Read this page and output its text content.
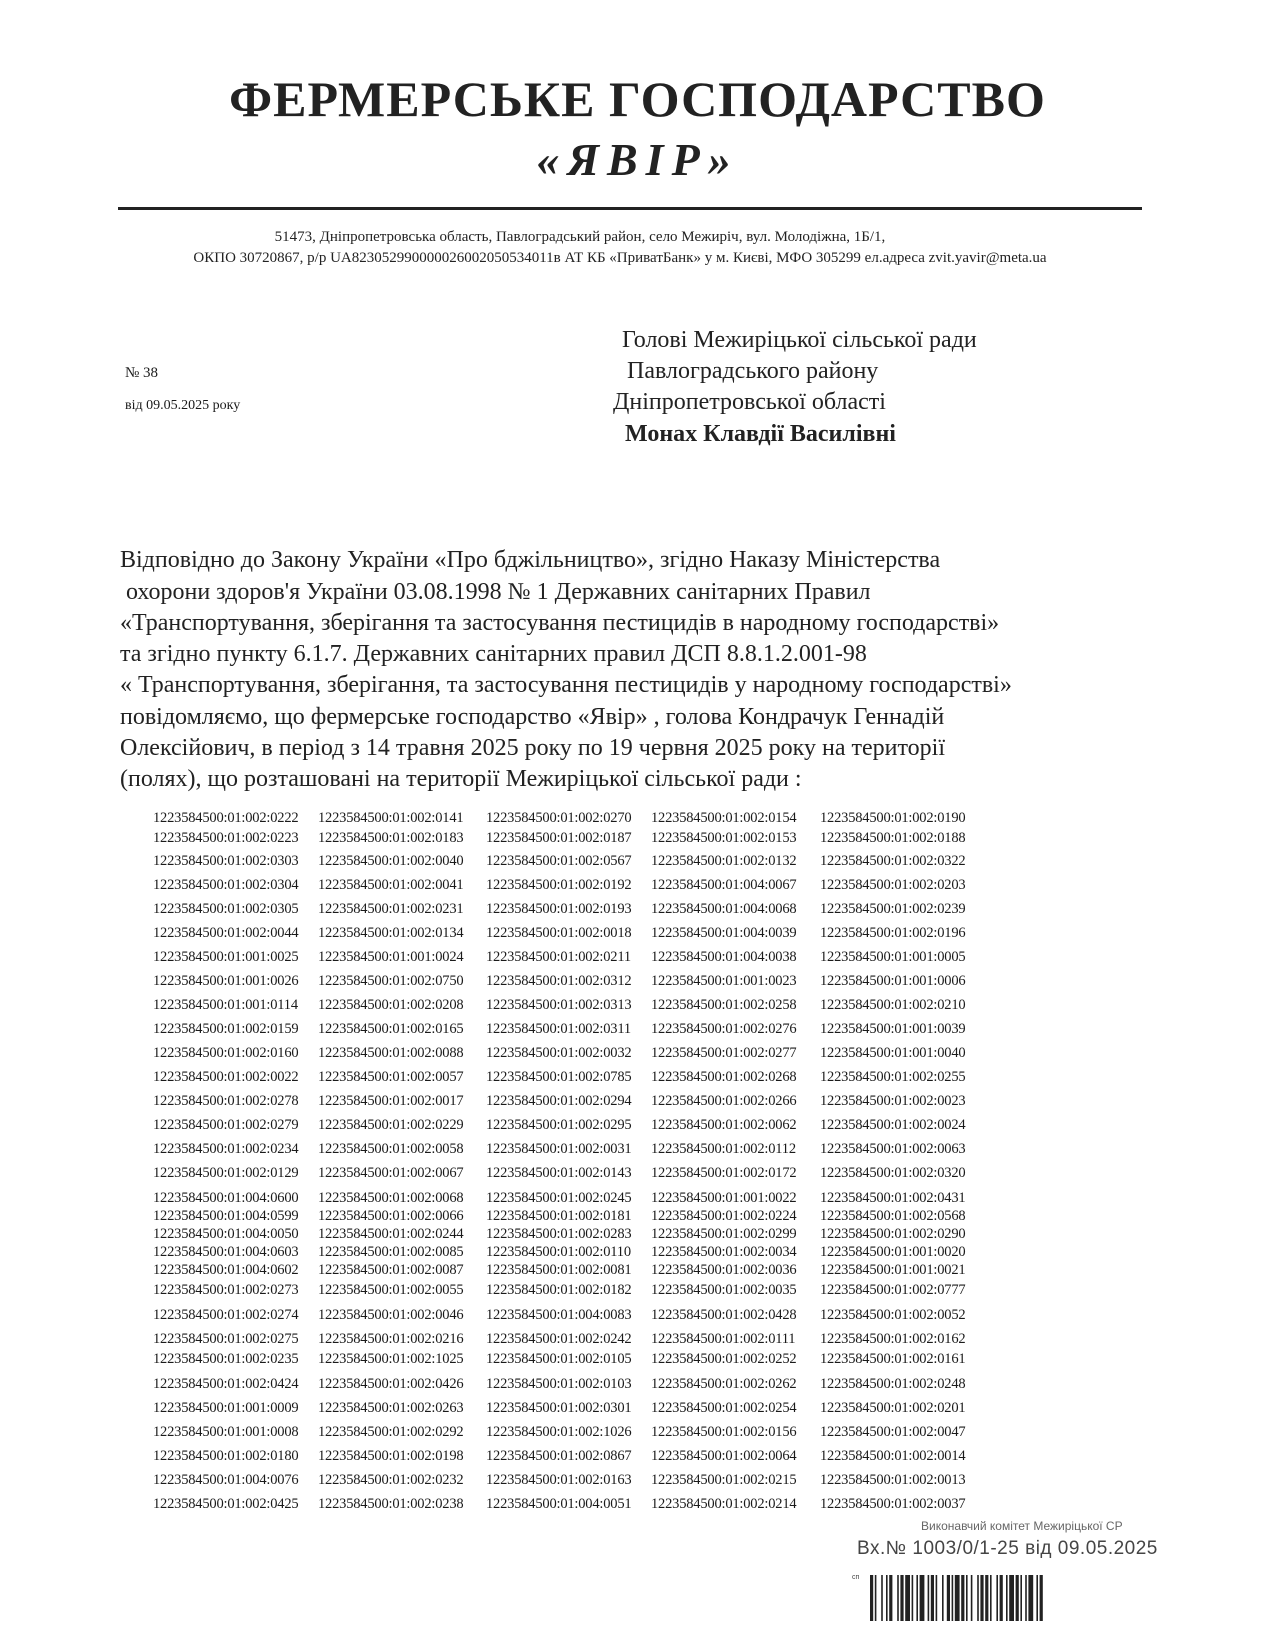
ФЕРМЕРСЬКЕ ГОСПОДАРСТВО
«ЯВІР»
51473, Дніпропетровська область, Павлоградський район, село Межиріч, вул. Молодіжна, 1Б/1,
ОКПО 30720867, р/р UA823052990000026002050534011в АТ КБ «ПриватБанк» у м. Києві, МФО 305299 ел.адреса zvit.yavir@meta.ua
№ 38
від 09.05.2025 року
Голові Межиріцької сільської ради
Павлоградського району
Дніпропетровської області
Монах Клавдії Василівні
Відповідно до Закону України «Про бджільництво», згідно Наказу Міністерства
охорони здоров'я України 03.08.1998 № 1 Державних санітарних Правил
«Транспортування, зберігання та застосування пестицидів в народному господарстві»
та згідно пункту 6.1.7. Державних санітарних правил ДСП 8.8.1.2.001-98
« Транспортування, зберігання, та застосування пестицидів у народному господарстві»
повідомляємо, що фермерське господарство «Явір» , голова Кондрачук Геннадій
Олексійович, в період з 14 травня 2025 року по 19 червня 2025 року на території
(полях), що розташовані на території Межиріцької сільської ради :
1223584500:01:002:0222 1223584500:01:002:0141 1223584500:01:002:0270 1223584500:01:002:0154 1223584500:01:002:0190
1223584500:01:002:0223 1223584500:01:002:0183 1223584500:01:002:0187 1223584500:01:002:0153 1223584500:01:002:0188
1223584500:01:002:0303 1223584500:01:002:0040 1223584500:01:002:0567 1223584500:01:002:0132 1223584500:01:002:0322
1223584500:01:002:0304 1223584500:01:002:0041 1223584500:01:002:0192 1223584500:01:004:0067 1223584500:01:002:0203
1223584500:01:002:0305 1223584500:01:002:0231 1223584500:01:002:0193 1223584500:01:004:0068 1223584500:01:002:0239
1223584500:01:002:0044 1223584500:01:002:0134 1223584500:01:002:0018 1223584500:01:004:0039 1223584500:01:002:0196
1223584500:01:001:0025 1223584500:01:001:0024 1223584500:01:002:0211 1223584500:01:004:0038 1223584500:01:001:0005
1223584500:01:001:0026 1223584500:01:002:0750 1223584500:01:002:0312 1223584500:01:001:0023 1223584500:01:001:0006
1223584500:01:001:0114 1223584500:01:002:0208 1223584500:01:002:0313 1223584500:01:002:0258 1223584500:01:002:0210
1223584500:01:002:0159 1223584500:01:002:0165 1223584500:01:002:0311 1223584500:01:002:0276 1223584500:01:001:0039
1223584500:01:002:0160 1223584500:01:002:0088 1223584500:01:002:0032 1223584500:01:002:0277 1223584500:01:001:0040
1223584500:01:002:0022 1223584500:01:002:0057 1223584500:01:002:0785 1223584500:01:002:0268 1223584500:01:002:0255
1223584500:01:002:0278 1223584500:01:002:0017 1223584500:01:002:0294 1223584500:01:002:0266 1223584500:01:002:0023
1223584500:01:002:0279 1223584500:01:002:0229 1223584500:01:002:0295 1223584500:01:002:0062 1223584500:01:002:0024
1223584500:01:002:0234 1223584500:01:002:0058 1223584500:01:002:0031 1223584500:01:002:0112 1223584500:01:002:0063
1223584500:01:002:0129 1223584500:01:002:0067 1223584500:01:002:0143 1223584500:01:002:0172 1223584500:01:002:0320
1223584500:01:004:0600 1223584500:01:002:0068 1223584500:01:002:0245 1223584500:01:001:0022 1223584500:01:002:0431
1223584500:01:004:0599 1223584500:01:002:0066 1223584500:01:002:0181 1223584500:01:002:0224 1223584500:01:002:0568
1223584500:01:004:0050 1223584500:01:002:0244 1223584500:01:002:0283 1223584500:01:002:0299 1223584500:01:002:0290
1223584500:01:004:0603 1223584500:01:002:0085 1223584500:01:002:0110 1223584500:01:002:0034 1223584500:01:001:0020
1223584500:01:004:0602 1223584500:01:002:0087 1223584500:01:002:0081 1223584500:01:002:0036 1223584500:01:001:0021
1223584500:01:002:0273 1223584500:01:002:0055 1223584500:01:002:0182 1223584500:01:002:0035 1223584500:01:002:0777
1223584500:01:002:0274 1223584500:01:002:0046 1223584500:01:004:0083 1223584500:01:002:0428 1223584500:01:002:0052
1223584500:01:002:0275 1223584500:01:002:0216 1223584500:01:002:0242 1223584500:01:002:0111 1223584500:01:002:0162
1223584500:01:002:0235 1223584500:01:002:1025 1223584500:01:002:0105 1223584500:01:002:0252 1223584500:01:002:0161
1223584500:01:002:0424 1223584500:01:002:0426 1223584500:01:002:0103 1223584500:01:002:0262 1223584500:01:002:0248
1223584500:01:001:0009 1223584500:01:002:0263 1223584500:01:002:0301 1223584500:01:002:0254 1223584500:01:002:0201
1223584500:01:001:0008 1223584500:01:002:0292 1223584500:01:002:1026 1223584500:01:002:0156 1223584500:01:002:0047
1223584500:01:002:0180 1223584500:01:002:0198 1223584500:01:002:0867 1223584500:01:002:0064 1223584500:01:002:0014
1223584500:01:004:0076 1223584500:01:002:0232 1223584500:01:002:0163 1223584500:01:002:0215 1223584500:01:002:0013
1223584500:01:002:0425 1223584500:01:002:0238 1223584500:01:004:0051 1223584500:01:002:0214 1223584500:01:002:0037
Виконавчий комітет Межиріцької СР
Вх.№ 1003/0/1-25 від 09.05.2025
сп
